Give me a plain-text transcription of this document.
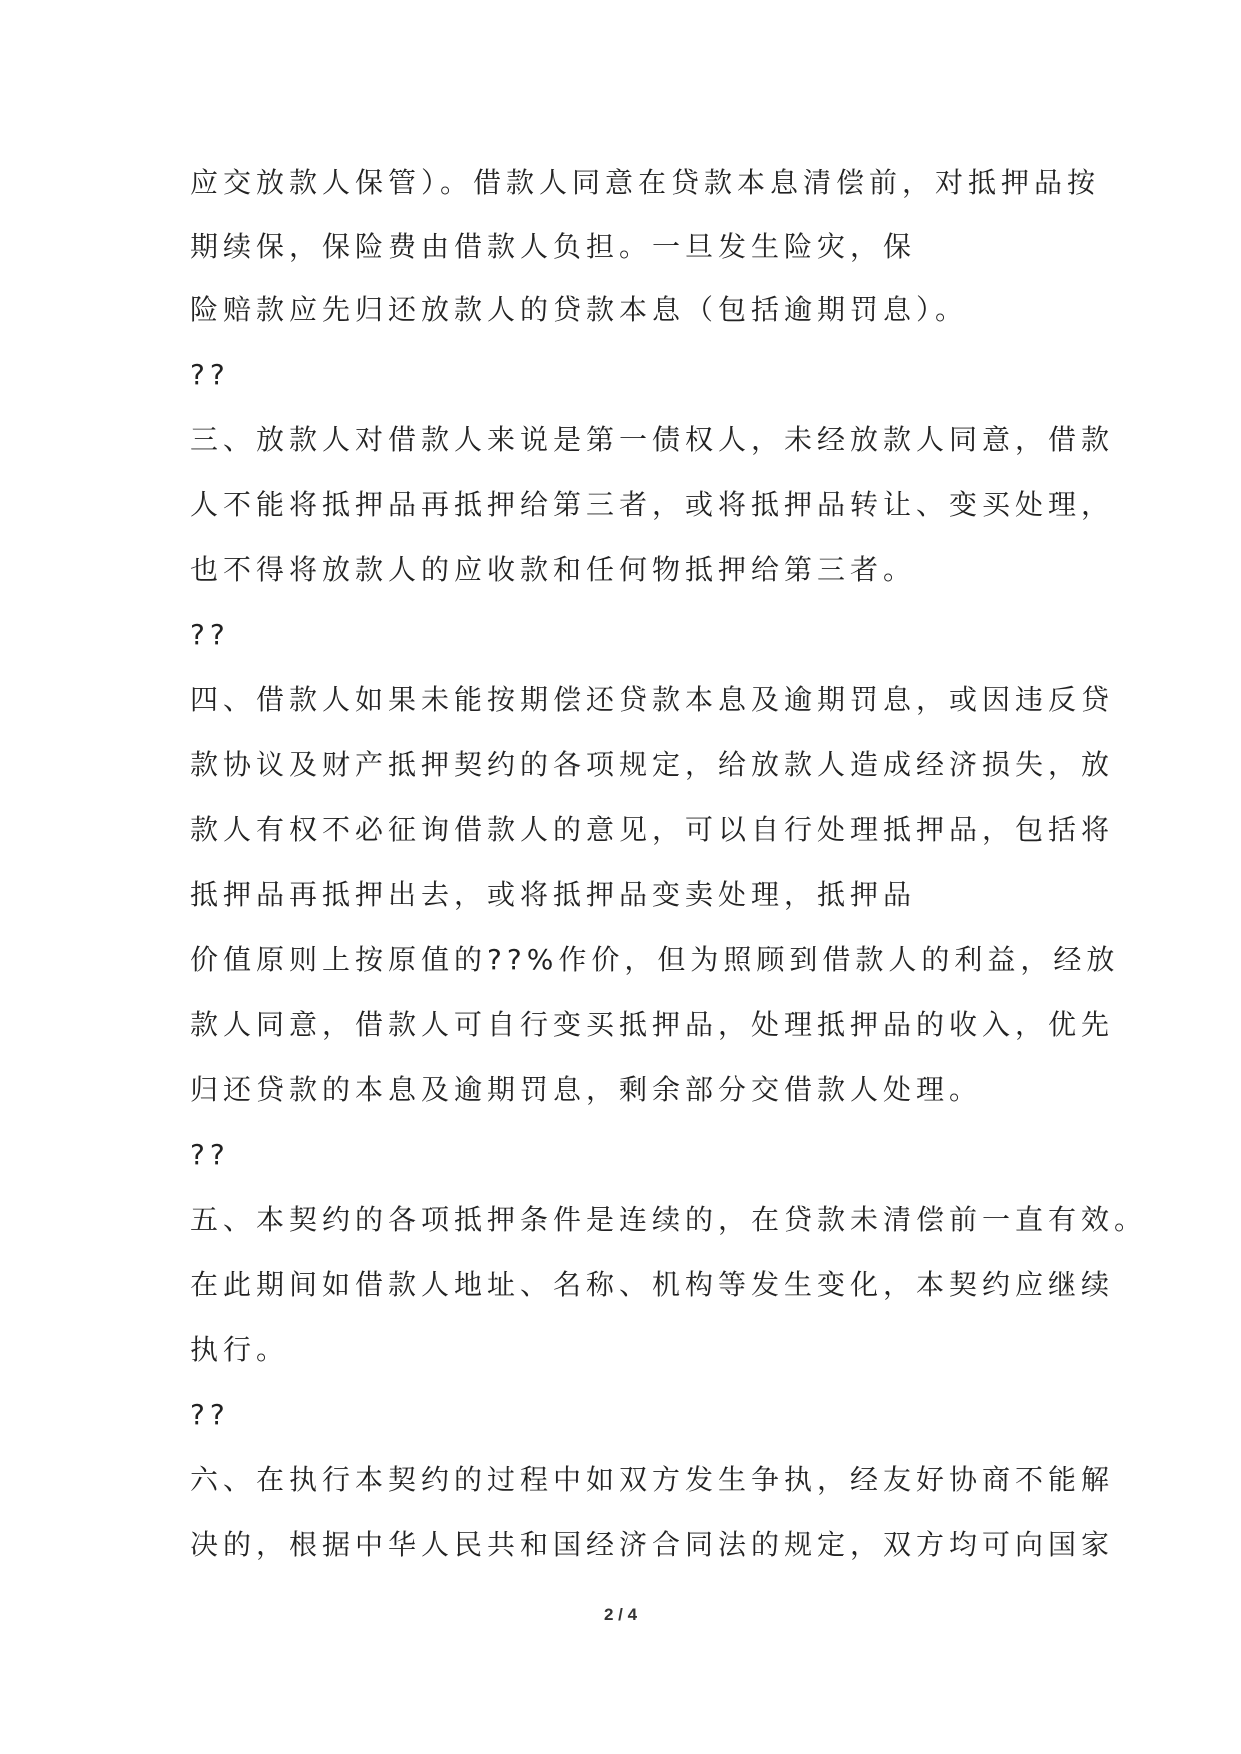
应交放款人保管）。借款人同意在贷款本息清偿前，对抵押品按

期续保，保险费由借款人负担。一旦发生险灾，保

险赔款应先归还放款人的贷款本息（包括逾期罚息）。

??

三、放款人对借款人来说是第一债权人，未经放款人同意，借款

人不能将抵押品再抵押给第三者，或将抵押品转让、变买处理，

也不得将放款人的应收款和任何物抵押给第三者。

??

四、借款人如果未能按期偿还贷款本息及逾期罚息，或因违反贷

款协议及财产抵押契约的各项规定，给放款人造成经济损失，放

款人有权不必征询借款人的意见，可以自行处理抵押品，包括将

抵押品再抵押出去，或将抵押品变卖处理，抵押品

价值原则上按原值的??%作价，但为照顾到借款人的利益，经放

款人同意，借款人可自行变买抵押品，处理抵押品的收入，优先

归还贷款的本息及逾期罚息，剩余部分交借款人处理。

??

五、本契约的各项抵押条件是连续的，在贷款未清偿前一直有效。

在此期间如借款人地址、名称、机构等发生变化，本契约应继续

执行。

??

六、在执行本契约的过程中如双方发生争执，经友好协商不能解

决的，根据中华人民共和国经济合同法的规定，双方均可向国家

2 / 4
